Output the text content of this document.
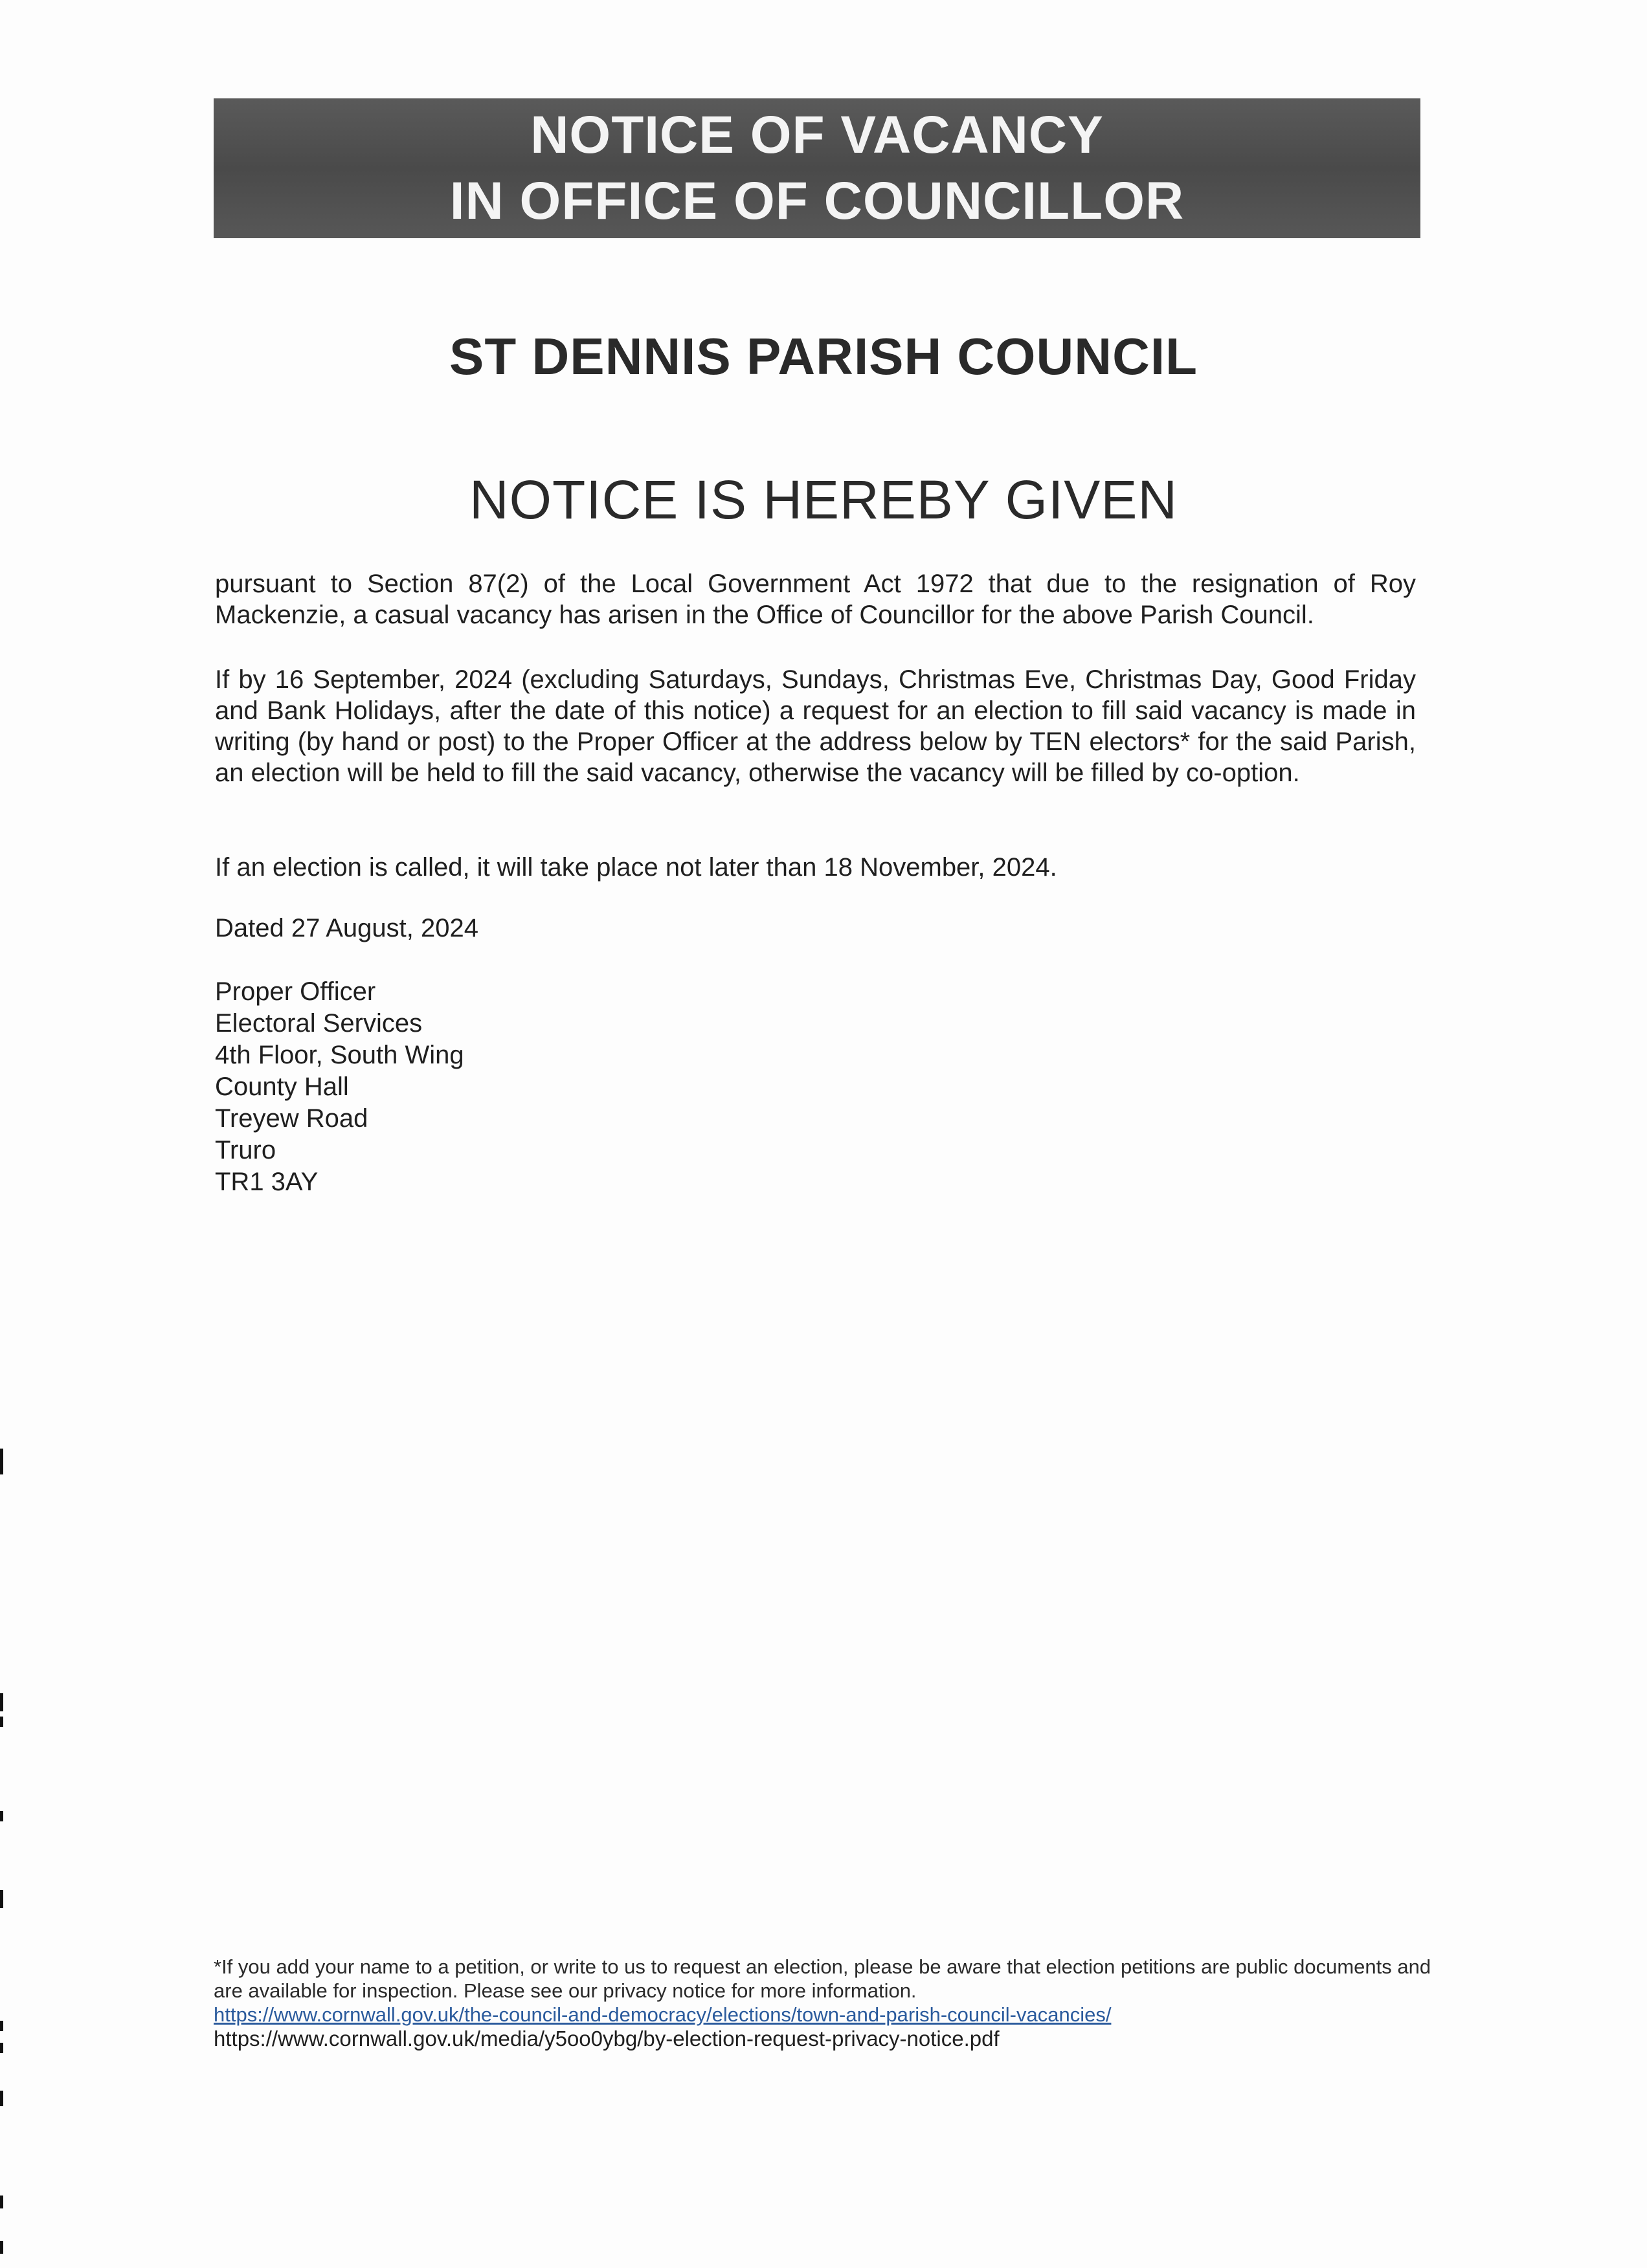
NOTICE OF VACANCY
IN OFFICE OF COUNCILLOR
ST DENNIS PARISH COUNCIL
NOTICE IS HEREBY GIVEN
pursuant to Section 87(2) of the Local Government Act 1972 that due to the resignation of Roy Mackenzie, a casual vacancy has arisen in the Office of Councillor for the above Parish Council.
If by 16 September, 2024 (excluding Saturdays, Sundays, Christmas Eve, Christmas Day, Good Friday and Bank Holidays, after the date of this notice) a request for an election to fill said vacancy is made in writing (by hand or post) to the Proper Officer at the address below by TEN electors* for the said Parish, an election will be held to fill the said vacancy, otherwise the vacancy will be filled by co-option.
If an election is called, it will take place not later than 18 November, 2024.
Dated 27 August, 2024
Proper Officer
Electoral Services
4th Floor, South Wing
County Hall
Treyew Road
Truro
TR1 3AY
*If you add your name to a petition, or write to us to request an election, please be aware that election petitions are public documents and are available for inspection. Please see our privacy notice for more information.
https://www.cornwall.gov.uk/the-council-and-democracy/elections/town-and-parish-council-vacancies/
https://www.cornwall.gov.uk/media/y5oo0ybg/by-election-request-privacy-notice.pdf
